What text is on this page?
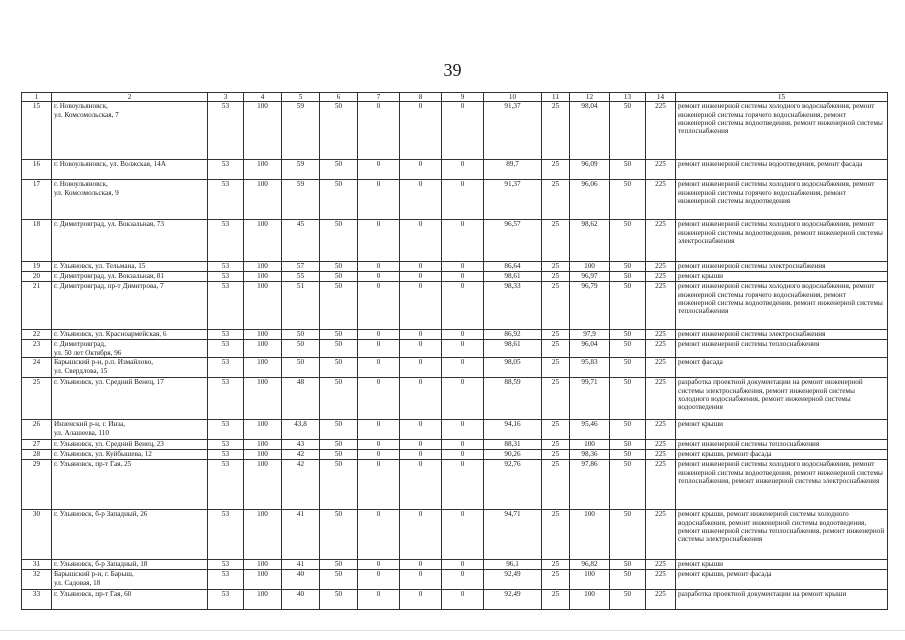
39
1	2	3	4	5	6	7	8	9	10	11	12	13	14	15
15	г. Новоульяновск,
ул. Комсомольская, 7	53	100	59	50	0	0	0	91,37	25	98,04	50	225	ремонт инженерной системы холодного водоснабжения, ремонт инженерной системы горячего водоснабжения, ремонт инженерной системы водоотведения, ремонт инженерной системы теплоснабжения
16	г. Новоульяновск, ул. Волжская, 14А	53	100	59	50	0	0	0	89,7	25	96,09	50	225	ремонт инженерной системы водоотведения, ремонт фасада
17	г. Новоульяновск,
ул. Комсомольская, 9	53	100	59	50	0	0	0	91,37	25	96,06	50	225	ремонт инженерной системы холодного водоснабжения, ремонт инженерной системы горячего водоснабжения, ремонт инженерной системы водоотведения
18	г. Димитровград, ул. Вокзальная, 73	53	100	45	50	0	0	0	96,57	25	98,62	50	225	ремонт инженерной системы холодного водоснабжения, ремонт инженерной системы водоотведения, ремонт инженерной системы электроснабжения
19	г. Ульяновск, ул. Тельмана, 15	53	100	57	50	0	0	0	86,64	25	100	50	225	ремонт инженерной системы электроснабжения
20	г. Димитровград, ул. Вокзальная, 81	53	100	55	50	0	0	0	98,61	25	96,97	50	225	ремонт крыши
21	г. Димитровград, пр-т Димитрова, 7	53	100	51	50	0	0	0	98,33	25	96,79	50	225	ремонт инженерной системы холодного водоснабжения, ремонт инженерной системы горячего водоснабжения, ремонт инженерной системы водоотведения, ремонт инженерной системы теплоснабжения
22	г. Ульяновск, ул. Красноармейская, 6	53	100	50	50	0	0	0	86,92	25	97,9	50	225	ремонт инженерной системы электроснабжения
23	г. Димитровград,
ул. 50 лет Октября, 96	53	100	50	50	0	0	0	98,61	25	96,04	50	225	ремонт инженерной системы теплоснабжения
24	Барышский р-н, р.п. Измайлово,
ул. Свердлова, 15	53	100	50	50	0	0	0	98,05	25	95,83	50	225	ремонт фасада
25	г. Ульяновск, ул. Средний Венец, 17	53	100	48	50	0	0	0	88,59	25	99,71	50	225	разработка проектной документации на ремонт инженерной системы электроснабжения, ремонт инженерной системы холодного водоснабжения, ремонт инженерной системы водоотведения
26	Инзенский р-н, г. Инза,
ул. Алашеева, 110	53	100	43,8	50	0	0	0	94,16	25	95,46	50	225	ремонт крыши
27	г. Ульяновск, ул. Средний Венец, 23	53	100	43	50	0	0	0	88,31	25	100	50	225	ремонт инженерной системы теплоснабжения
28	г. Ульяновск, ул. Куйбышева, 12	53	100	42	50	0	0	0	90,26	25	98,36	50	225	ремонт крыши, ремонт фасада
29	г. Ульяновск, пр-т Гая, 25	53	100	42	50	0	0	0	92,76	25	97,86	50	225	ремонт инженерной системы холодного водоснабжения, ремонт инженерной системы водоотведения, ремонт инженерной системы теплоснабжения, ремонт инженерной системы электроснабжения
30	г. Ульяновск, б-р Западный, 26	53	100	41	50	0	0	0	94,71	25	100	50	225	ремонт крыши, ремонт инженерной системы холодного водоснабжения, ремонт инженерной системы водоотведения, ремонт инженерной системы теплоснабжения, ремонт инженерной системы электроснабжения
31	г. Ульяновск, б-р Западный, 18	53	100	41	50	0	0	0	96,1	25	96,82	50	225	ремонт крыши
32	Барышский р-н, г. Барыш,
ул. Садовая, 18	53	100	40	50	0	0	0	92,49	25	100	50	225	ремонт крыши, ремонт фасада
33	г. Ульяновск, пр-т Гая, 60	53	100	40	50	0	0	0	92,49	25	100	50	225	разработка проектной документации на ремонт крыши
